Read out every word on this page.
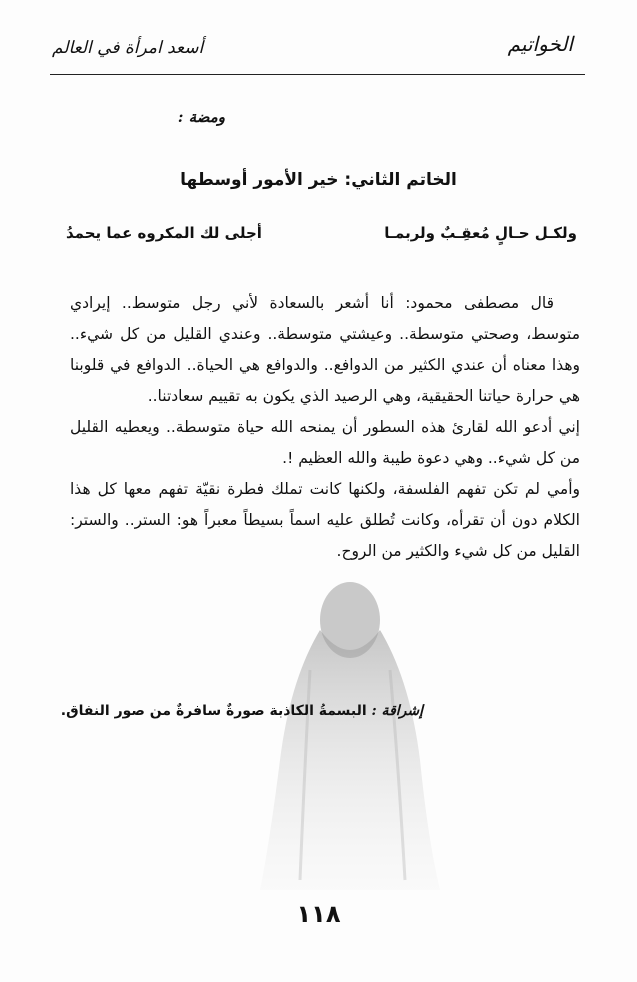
الخواتيم
أسعد امرأة في العالم
ومضة :
الخاتم الثاني: خير الأمور أوسطها
ولكـل حـالٍ مُعقِـبٌ ولربمـا
أجلى لك المكروه عما يحمدُ

قال مصطفى محمود: أنا أشعر بالسعادة لأني رجل متوسط.. إيرادي متوسط، وصحتي متوسطة.. وعيشتي متوسطة.. وعندي القليل من كل شيء.. وهذا معناه أن عندي الكثير من الدوافع.. والدوافع هي الحياة.. الدوافع في قلوبنا هي حرارة حياتنا الحقيقية، وهي الرصيد الذي يكون به تقييم سعادتنا..

إني أدعو الله لقارئ هذه السطور أن يمنحه الله حياة متوسطة.. ويعطيه القليل من كل شيء.. وهي دعوة طيبة والله العظيم !.

وأمي لم تكن تفهم الفلسفة، ولكنها كانت تملك فطرة نقيّة تفهم معها كل هذا الكلام دون أن تقرأه، وكانت تُطلق عليه اسماً بسيطاً معبراً هو: الستر.. والستر: القليل من كل شيء والكثير من الروح.

إشراقة : البسمةُ الكاذبة صورةٌ سافرةٌ من صور النفاق.
١١٨
